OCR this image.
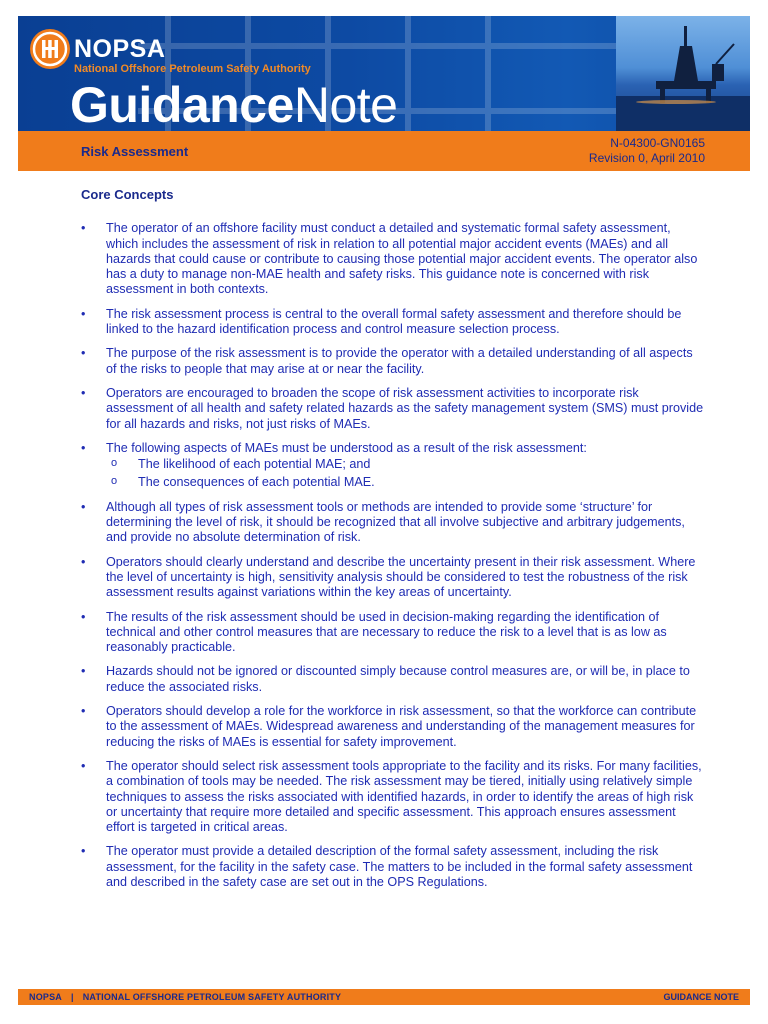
NOPSA
National Offshore Petroleum Safety Authority
GuidanceNote
Risk Assessment
N-04300-GN0165
Revision 0, April 2010
Core Concepts
• The operator of an offshore facility must conduct a detailed and systematic formal safety assessment, which includes the assessment of risk in relation to all potential major accident events (MAEs) and all hazards that could cause or contribute to causing those potential major accident events. The operator also has a duty to manage non-MAE health and safety risks. This guidance note is concerned with risk assessment in both contexts.
• The risk assessment process is central to the overall formal safety assessment and therefore should be linked to the hazard identification process and control measure selection process.
• The purpose of the risk assessment is to provide the operator with a detailed understanding of all aspects of the risks to people that may arise at or near the facility.
• Operators are encouraged to broaden the scope of risk assessment activities to incorporate risk assessment of all health and safety related hazards as the safety management system (SMS) must provide for all hazards and risks, not just risks of MAEs.
• The following aspects of MAEs must be understood as a result of the risk assessment:
o The likelihood of each potential MAE; and
o The consequences of each potential MAE.
• Although all types of risk assessment tools or methods are intended to provide some ‘structure’ for determining the level of risk, it should be recognized that all involve subjective and arbitrary judgements, and provide no absolute determination of risk.
• Operators should clearly understand and describe the uncertainty present in their risk assessment. Where the level of uncertainty is high, sensitivity analysis should be considered to test the robustness of the risk assessment results against variations within the key areas of uncertainty.
• The results of the risk assessment should be used in decision-making regarding the identification of technical and other control measures that are necessary to reduce the risk to a level that is as low as reasonably practicable.
• Hazards should not be ignored or discounted simply because control measures are, or will be, in place to reduce the associated risks.
• Operators should develop a role for the workforce in risk assessment, so that the workforce can contribute to the assessment of MAEs. Widespread awareness and understanding of the management measures for reducing the risks of MAEs is essential for safety improvement.
• The operator should select risk assessment tools appropriate to the facility and its risks. For many facilities, a combination of tools may be needed. The risk assessment may be tiered, initially using relatively simple techniques to assess the risks associated with identified hazards, in order to identify the areas of high risk or uncertainty that require more detailed and specific assessment. This approach ensures assessment effort is targeted in critical areas.
• The operator must provide a detailed description of the formal safety assessment, including the risk assessment, for the facility in the safety case. The matters to be included in the formal safety assessment and described in the safety case are set out in the OPS Regulations.
NOPSA | NATIONAL OFFSHORE PETROLEUM SAFETY AUTHORITY	GUIDANCE NOTE
